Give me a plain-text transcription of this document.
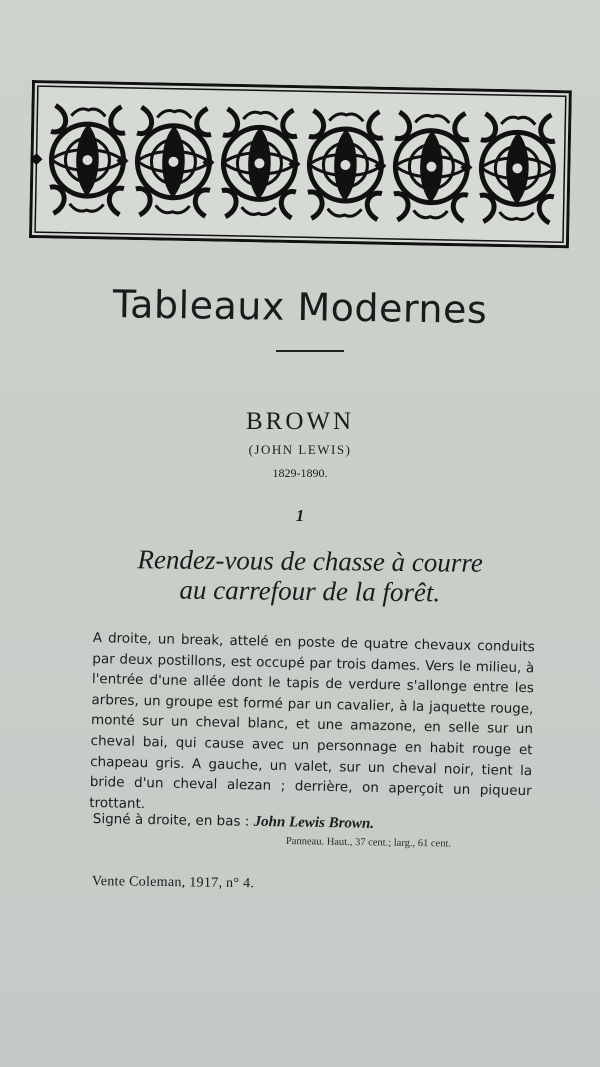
Tableaux Modernes
BROWN
(JOHN LEWIS)
1829-1890.
1
Rendez-vous de chasse à courre
au carrefour de la forêt.

A droite, un break, attelé en poste de quatre chevaux conduits par deux postillons, est occupé par trois dames. Vers le milieu, à l'entrée d'une allée dont le tapis de verdure s'allonge entre les arbres, un groupe est formé par un cavalier, à la jaquette rouge, monté sur un cheval blanc, et une amazone, en selle sur un cheval bai, qui cause avec un personnage en habit rouge et chapeau gris. A gauche, un valet, sur un cheval noir, tient la bride d'un cheval alezan ; derrière, on aperçoit un piqueur trottant.

Signé à droite, en bas : John Lewis Brown.
Panneau. Haut., 37 cent.; larg., 61 cent.
Vente Coleman, 1917, n° 4.
